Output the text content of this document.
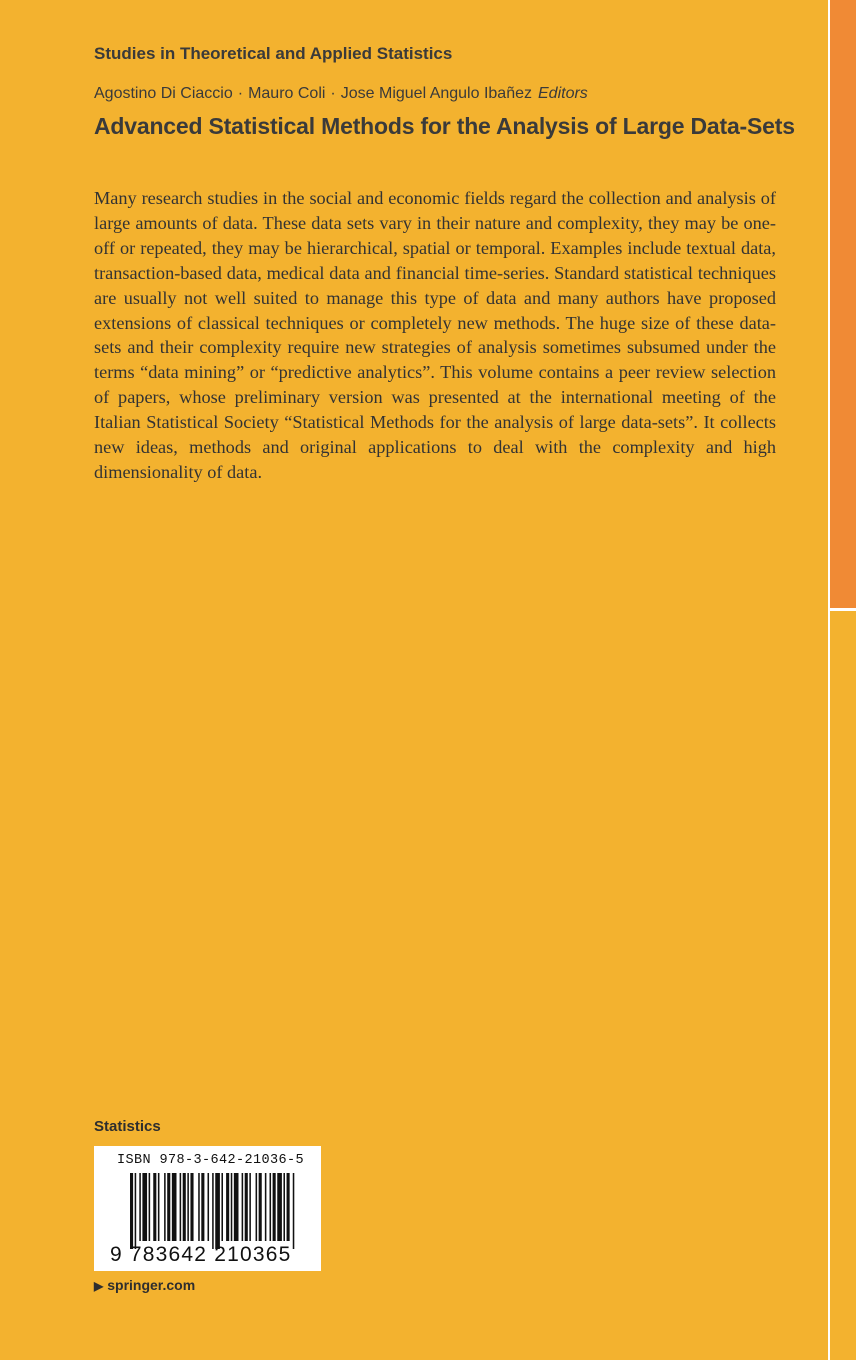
Studies in Theoretical and Applied Statistics

Agostino Di Ciaccio · Mauro Coli · Jose Miguel Angulo Ibañez Editors

Advanced Statistical Methods for the Analysis of Large Data-Sets

Many research studies in the social and economic fields regard the collection and analysis of large amounts of data. These data sets vary in their nature and complexity, they may be one-off or repeated, they may be hierarchical, spatial or temporal. Examples include textual data, transaction-based data, medical data and financial time-series. Standard statistical techniques are usually not well suited to manage this type of data and many authors have proposed extensions of classical techniques or completely new methods. The huge size of these data-sets and their complexity require new strategies of analysis sometimes subsumed under the terms “data mining” or “predictive analytics”. This volume contains a peer review selection of papers, whose preliminary version was presented at the international meeting of the Italian Statistical Society “Statistical Methods for the analysis of large data-sets”. It collects new ideas, methods and original applications to deal with the complexity and high dimensionality of data.

Statistics

ISBN 978-3-642-21036-5

9 783642 210365

▶ springer.com
